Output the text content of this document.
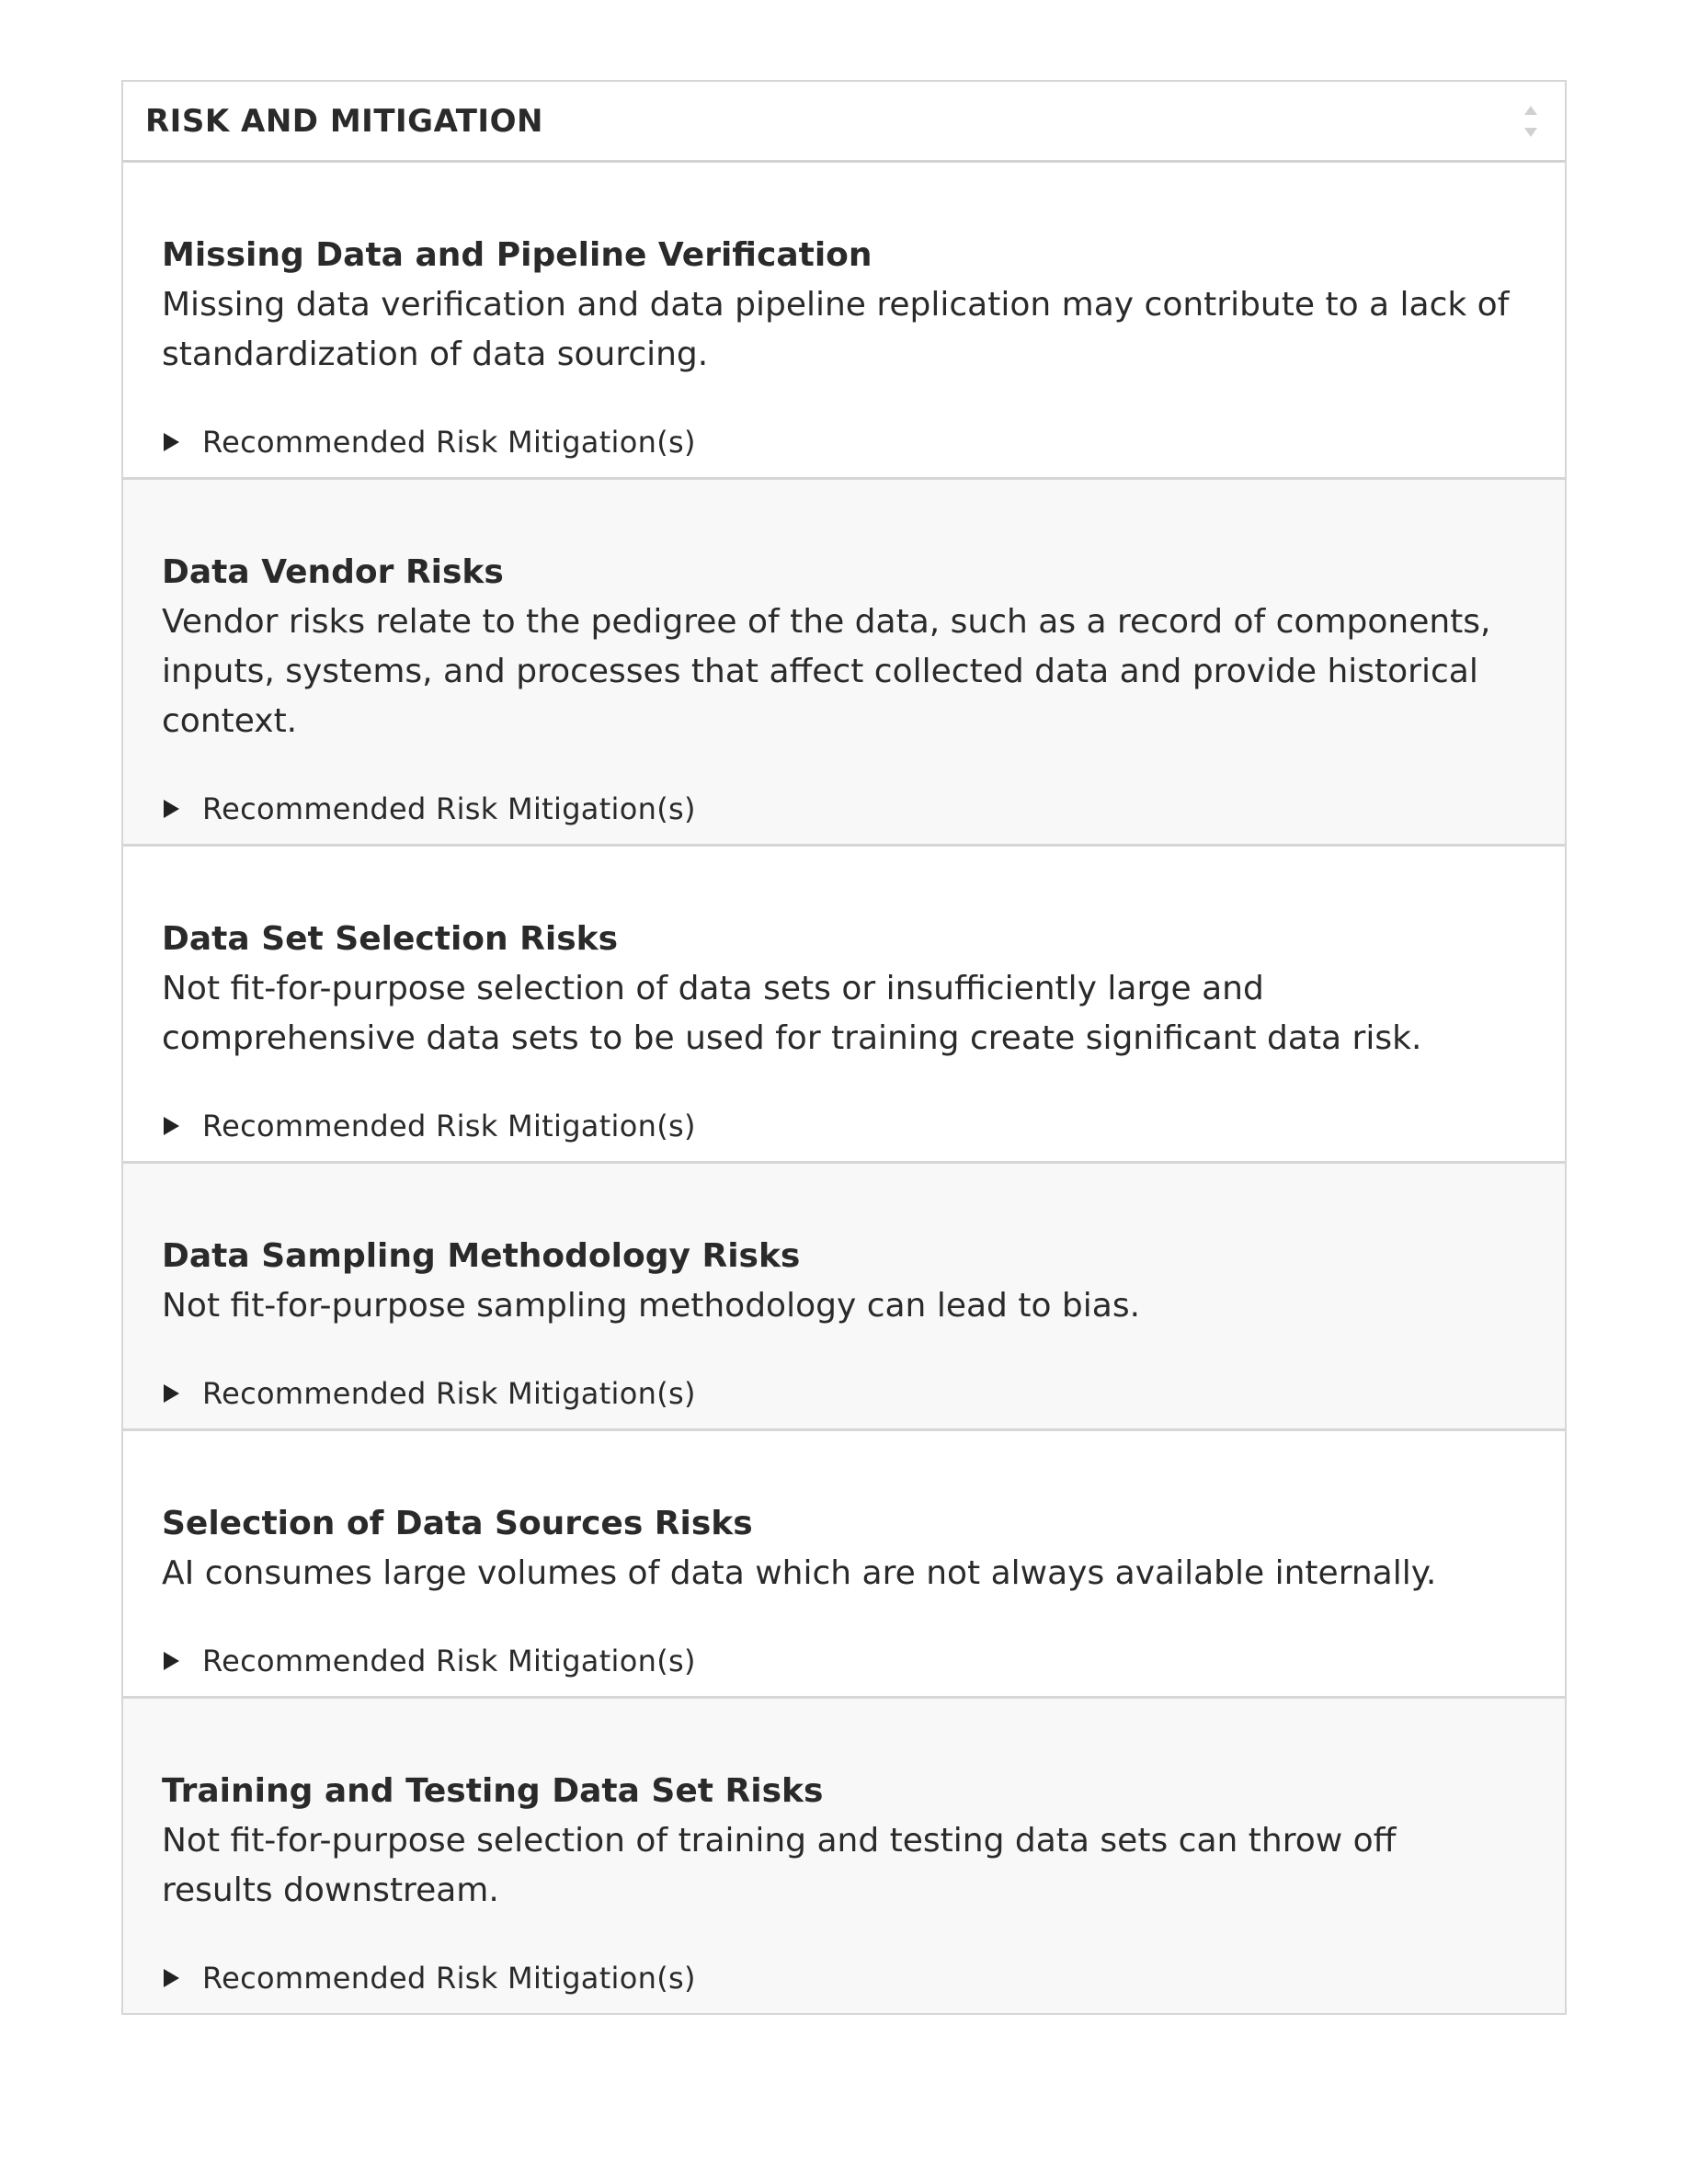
RISK AND MITIGATION

Missing Data and Pipeline Verification

Missing data verification and data pipeline replication may contribute to a lack of standardization of data sourcing.

Recommended Risk Mitigation(s)

Data Vendor Risks

Vendor risks relate to the pedigree of the data, such as a record of components, inputs, systems, and processes that affect collected data and provide historical context.

Recommended Risk Mitigation(s)

Data Set Selection Risks

Not fit-for-purpose selection of data sets or insufficiently large and comprehensive data sets to be used for training create significant data risk.

Recommended Risk Mitigation(s)

Data Sampling Methodology Risks

Not fit-for-purpose sampling methodology can lead to bias.

Recommended Risk Mitigation(s)

Selection of Data Sources Risks

AI consumes large volumes of data which are not always available internally.

Recommended Risk Mitigation(s)

Training and Testing Data Set Risks

Not fit-for-purpose selection of training and testing data sets can throw off results downstream.

Recommended Risk Mitigation(s)
